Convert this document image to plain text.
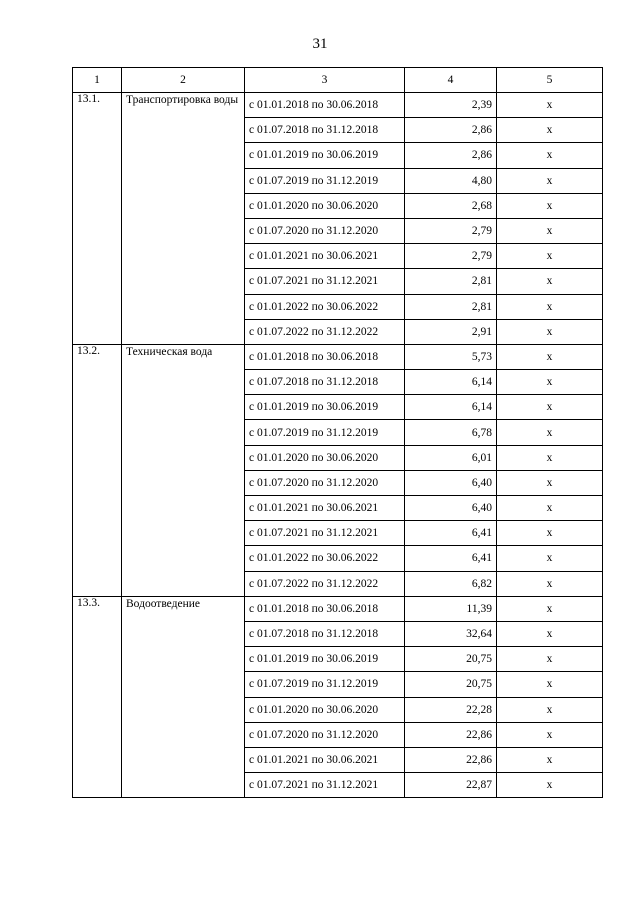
31
1	2	3	4	5
13.1.	Транспортировка воды	с 01.01.2018 по 30.06.2018	2,39	x
		с 01.07.2018 по 31.12.2018	2,86	x
		с 01.01.2019 по 30.06.2019	2,86	x
		с 01.07.2019 по 31.12.2019	4,80	x
		с 01.01.2020 по 30.06.2020	2,68	x
		с 01.07.2020 по 31.12.2020	2,79	x
		с 01.01.2021 по 30.06.2021	2,79	x
		с 01.07.2021 по 31.12.2021	2,81	x
		с 01.01.2022 по 30.06.2022	2,81	x
		с 01.07.2022 по 31.12.2022	2,91	x
13.2.	Техническая вода	с 01.01.2018 по 30.06.2018	5,73	x
		с 01.07.2018 по 31.12.2018	6,14	x
		с 01.01.2019 по 30.06.2019	6,14	x
		с 01.07.2019 по 31.12.2019	6,78	x
		с 01.01.2020 по 30.06.2020	6,01	x
		с 01.07.2020 по 31.12.2020	6,40	x
		с 01.01.2021 по 30.06.2021	6,40	x
		с 01.07.2021 по 31.12.2021	6,41	x
		с 01.01.2022 по 30.06.2022	6,41	x
		с 01.07.2022 по 31.12.2022	6,82	x
13.3.	Водоотведение	с 01.01.2018 по 30.06.2018	11,39	x
		с 01.07.2018 по 31.12.2018	32,64	x
		с 01.01.2019 по 30.06.2019	20,75	x
		с 01.07.2019 по 31.12.2019	20,75	x
		с 01.01.2020 по 30.06.2020	22,28	x
		с 01.07.2020 по 31.12.2020	22,86	x
		с 01.01.2021 по 30.06.2021	22,86	x
		с 01.07.2021 по 31.12.2021	22,87	x
